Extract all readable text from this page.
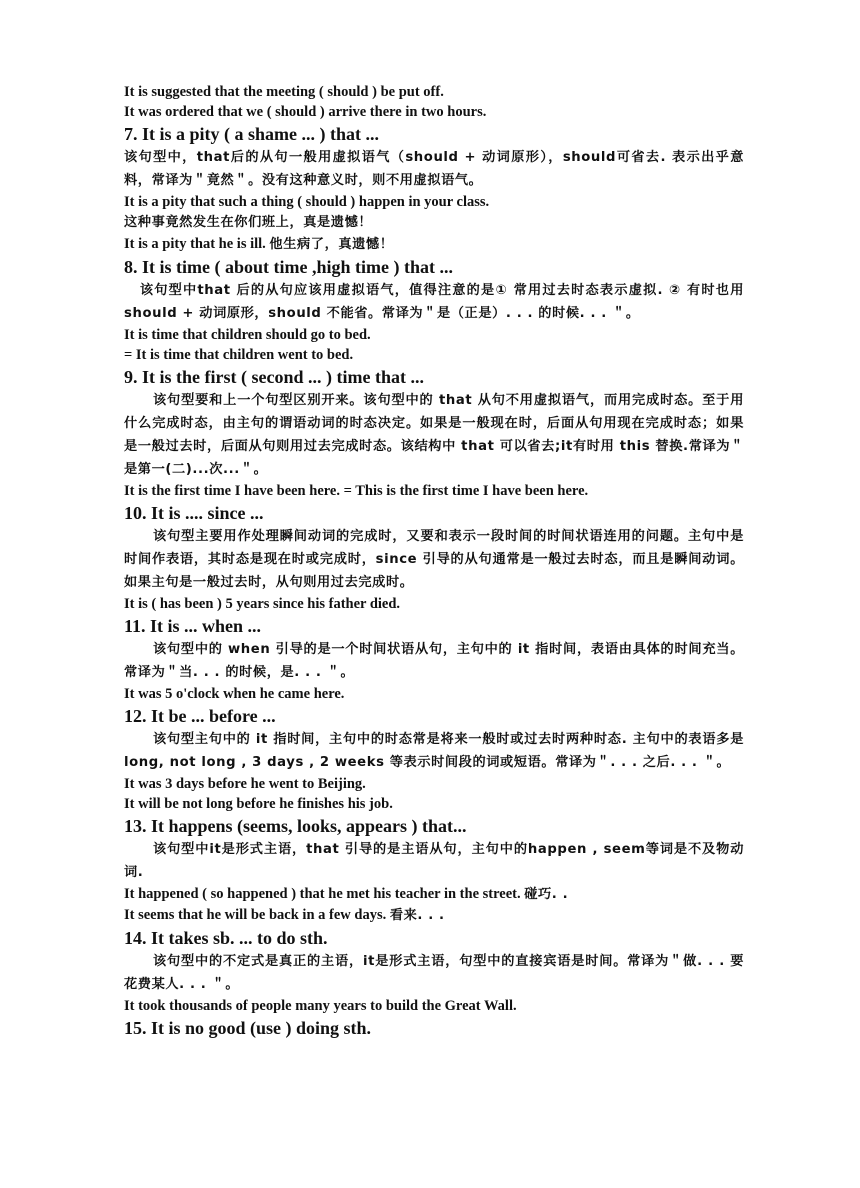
It is suggested that the meeting ( should ) be put off.
It was ordered that we ( should ) arrive there in two hours.
7. It is a pity ( a shame ... ) that ...
该句型中，that后的从句一般用虚拟语气（should + 动词原形），should可省去. 表示出乎意料，常译为＂竟然＂。没有这种意义时，则不用虚拟语气。
It is a pity that such a thing ( should ) happen in your class.
这种事竟然发生在你们班上，真是遗憾！
It is a pity that he is ill. 他生病了，真遗憾！
8. It is time ( about time ,high time ) that ...
该句型中that 后的从句应该用虚拟语气，值得注意的是① 常用过去时态表示虚拟. ② 有时也用should + 动词原形，should 不能省。常译为＂是（正是）. . . 的时候. . . ＂。
It is time that children should go to bed.
= It is time that children went to bed.
9. It is the first ( second ... ) time that ...
该句型要和上一个句型区别开来。该句型中的 that 从句不用虚拟语气，而用完成时态。至于用什么完成时态，由主句的谓语动词的时态决定。如果是一般现在时，后面从句用现在完成时态；如果是一般过去时，后面从句则用过去完成时态。该结构中 that 可以省去;it有时用 this 替换.常译为＂是第一(二)...次...＂。
It is the first time I have been here. = This is the first time I have been here.
10. It is .... since ...
该句型主要用作处理瞬间动词的完成时，又要和表示一段时间的时间状语连用的问题。主句中是时间作表语，其时态是现在时或完成时，since 引导的从句通常是一般过去时态，而且是瞬间动词。如果主句是一般过去时，从句则用过去完成时。
It is ( has been ) 5 years since his father died.
11. It is ... when ...
该句型中的 when 引导的是一个时间状语从句，主句中的 it 指时间，表语由具体的时间充当。常译为＂当. . . 的时候，是. . . ＂。
It was 5 o'clock when he came here.
12. It be ... before ...
该句型主句中的 it 指时间，主句中的时态常是将来一般时或过去时两种时态. 主句中的表语多是long, not long , 3 days , 2 weeks 等表示时间段的词或短语。常译为＂. . . 之后. . . ＂。
It was 3 days before he went to Beijing.
It will be not long before he finishes his job.
13. It happens (seems, looks, appears ) that...
该句型中it是形式主语，that 引导的是主语从句，主句中的happen , seem等词是不及物动词.
It happened ( so happened ) that he met his teacher in the street. 碰巧. .
It seems that he will be back in a few days. 看来. . .
14. It takes sb. ... to do sth.
该句型中的不定式是真正的主语，it是形式主语，句型中的直接宾语是时间。常译为＂做. . . 要花费某人. . . ＂。
It took thousands of people many years to build the Great Wall.
15. It is no good (use ) doing sth.
